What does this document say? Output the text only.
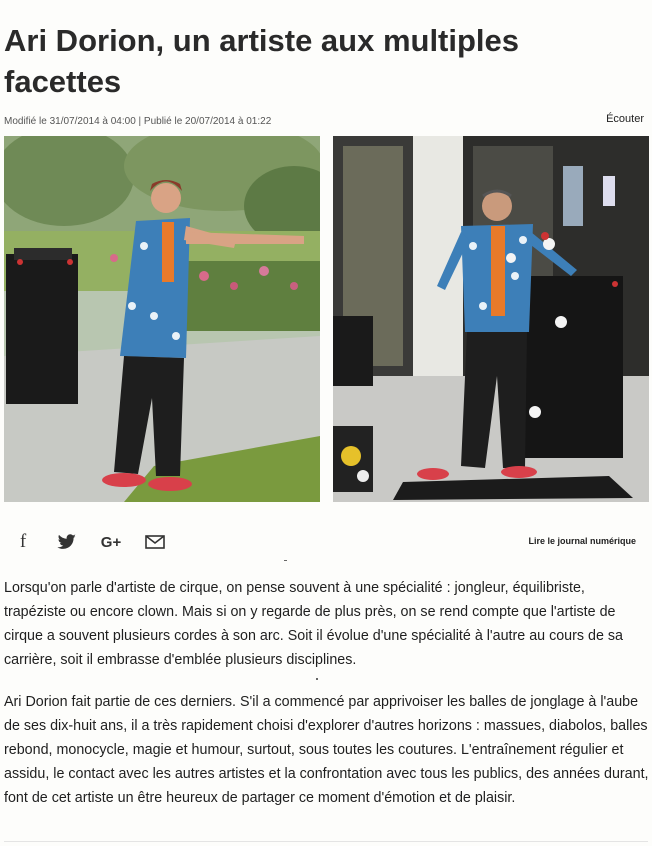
Ari Dorion, un artiste aux multiples facettes
Modifié le 31/07/2014 à 04:00 | Publié le 20/07/2014 à 01:22	Écouter
f	G+	Lire le journal numérique

Lorsqu'on parle d'artiste de cirque, on pense souvent à une spécialité : jongleur, équilibriste, trapéziste ou encore clown. Mais si on y regarde de plus près, on se rend compte que l'artiste de cirque a souvent plusieurs cordes à son arc. Soit il évolue d'une spécialité à l'autre au cours de sa carrière, soit il embrasse d'emblée plusieurs disciplines.

Ari Dorion fait partie de ces derniers. S'il a commencé par apprivoiser les balles de jonglage à l'aube de ses dix-huit ans, il a très rapidement choisi d'explorer d'autres horizons : massues, diabolos, balles rebond, monocycle, magie et humour, surtout, sous toutes les coutures. L'entraînement régulier et assidu, le contact avec les autres artistes et la confrontation avec tous les publics, des années durant, font de cet artiste un être heureux de partager ce moment d'émotion et de plaisir.
